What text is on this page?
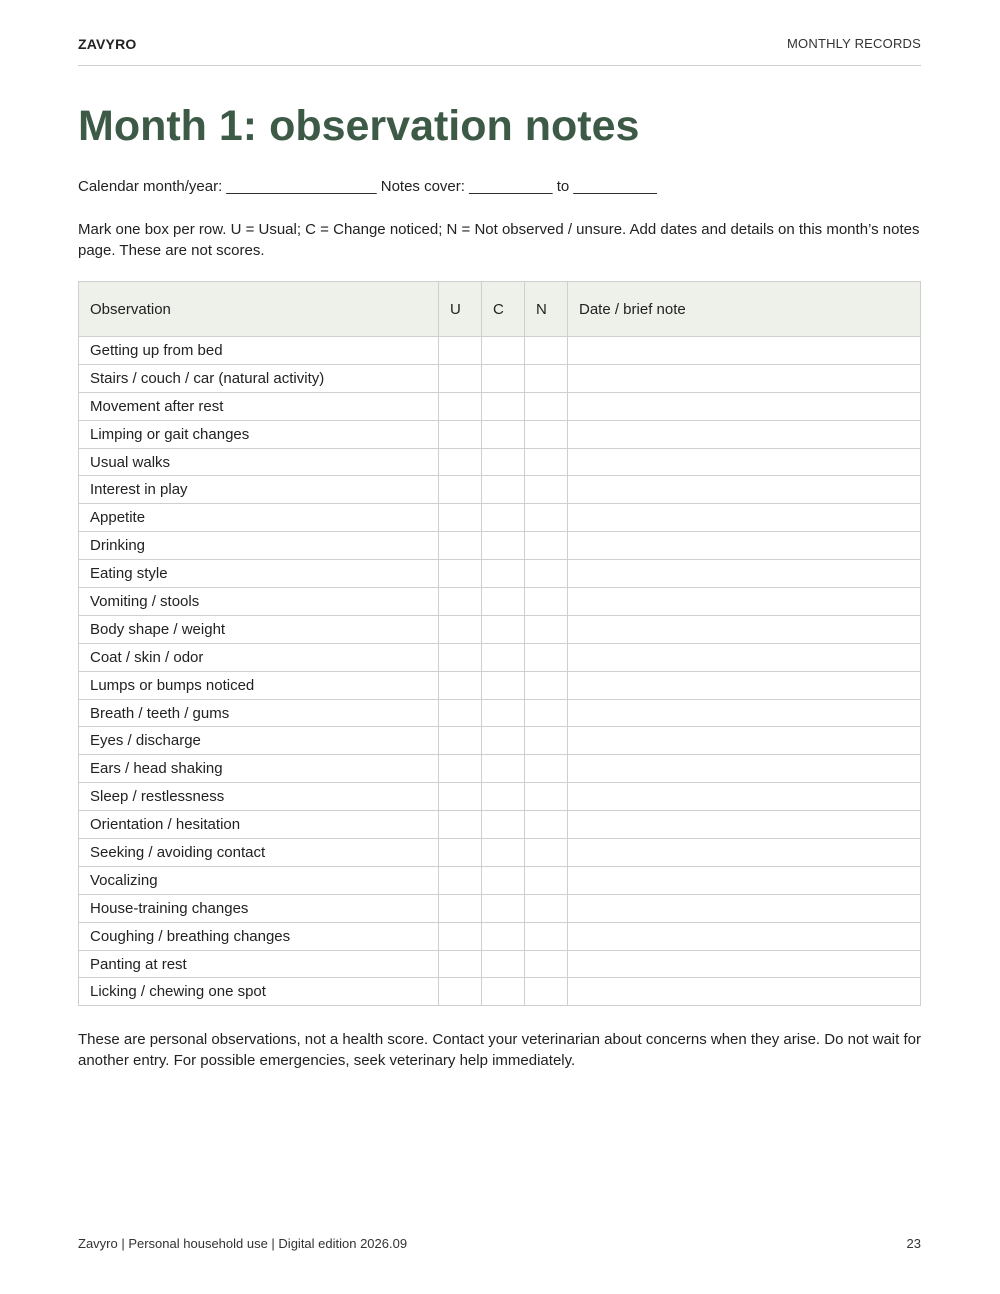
ZAVYRO	MONTHLY RECORDS
Month 1: observation notes
Calendar month/year: __________________ Notes cover: __________ to __________

Mark one box per row. U = Usual; C = Change noticed; N = Not observed / unsure. Add dates and details on this month’s notes page. These are not scores.

Observation	U	C	N	Date / brief note
Getting up from bed				
Stairs / couch / car (natural activity)				
Movement after rest				
Limping or gait changes				
Usual walks				
Interest in play				
Appetite				
Drinking				
Eating style				
Vomiting / stools				
Body shape / weight				
Coat / skin / odor				
Lumps or bumps noticed				
Breath / teeth / gums				
Eyes / discharge				
Ears / head shaking				
Sleep / restlessness				
Orientation / hesitation				
Seeking / avoiding contact				
Vocalizing				
House-training changes				
Coughing / breathing changes				
Panting at rest				
Licking / chewing one spot				

These are personal observations, not a health score. Contact your veterinarian about concerns when they arise. Do not wait for another entry. For possible emergencies, seek veterinary help immediately.

Zavyro | Personal household use | Digital edition 2026.09	23
